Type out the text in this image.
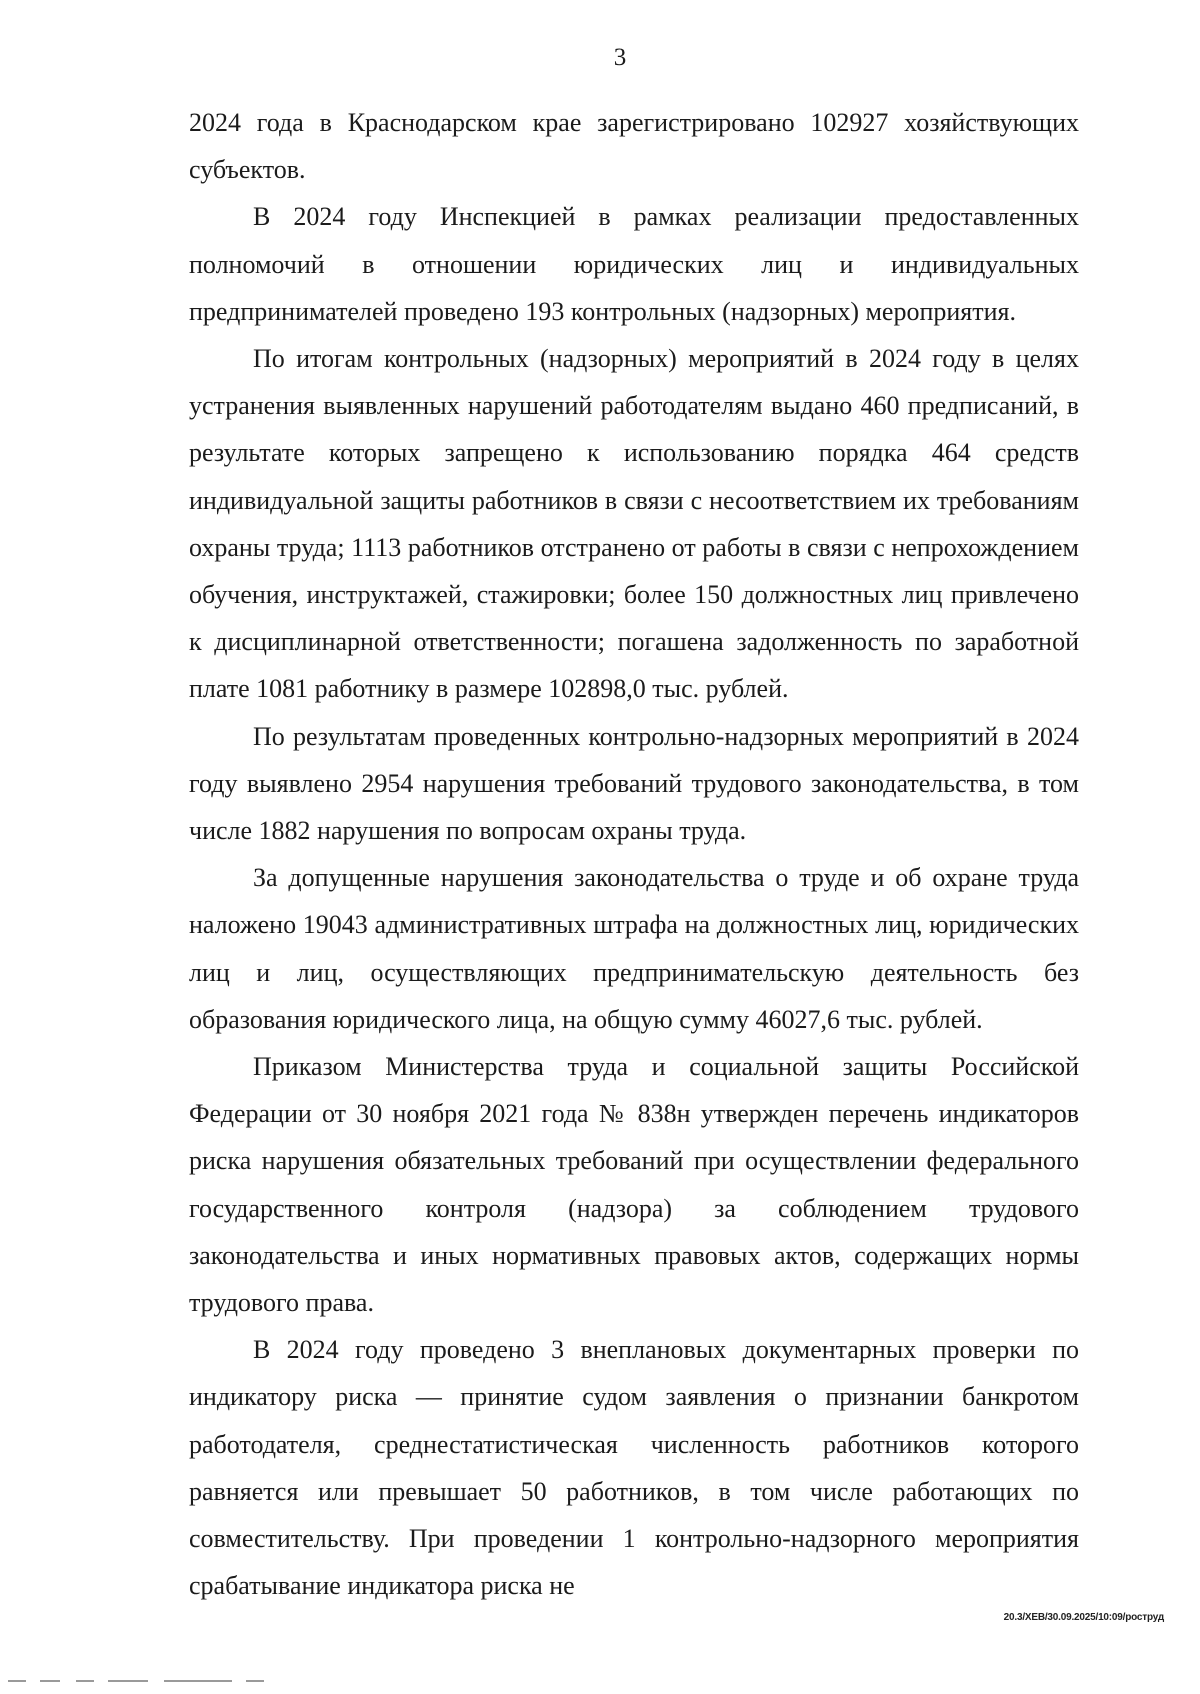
3

2024 года в Краснодарском крае зарегистрировано 102927 хозяйствующих субъектов.

В 2024 году Инспекцией в рамках реализации предоставленных полномочий в отношении юридических лиц и индивидуальных предпринимателей проведено 193 контрольных (надзорных) мероприятия.

По итогам контрольных (надзорных) мероприятий в 2024 году в целях устранения выявленных нарушений работодателям выдано 460 предписаний, в результате которых запрещено к использованию порядка 464 средств индивидуальной защиты работников в связи с несоответствием их требованиям охраны труда; 1113 работников отстранено от работы в связи с непрохождением обучения, инструктажей, стажировки; более 150 должностных лиц привлечено к дисциплинарной ответственности; погашена задолженность по заработной плате 1081 работнику в размере 102898,0 тыс. рублей.

По результатам проведенных контрольно-надзорных мероприятий в 2024 году выявлено 2954 нарушения требований трудового законодательства, в том числе 1882 нарушения по вопросам охраны труда.

За допущенные нарушения законодательства о труде и об охране труда наложено 19043 административных штрафа на должностных лиц, юридических лиц и лиц, осуществляющих предпринимательскую деятельность без образования юридического лица, на общую сумму 46027,6 тыс. рублей.

Приказом Министерства труда и социальной защиты Российской Федерации от 30 ноября 2021 года № 838н утвержден перечень индикаторов риска нарушения обязательных требований при осуществлении федерального государственного контроля (надзора) за соблюдением трудового законодательства и иных нормативных правовых актов, содержащих нормы трудового права.

В 2024 году проведено 3 внеплановых документарных проверки по индикатору риска — принятие судом заявления о признании банкротом работодателя, среднестатистическая численность работников которого равняется или превышает 50 работников, в том числе работающих по совместительству. При проведении 1 контрольно-надзорного мероприятия срабатывание индикатора риска не

20.3/ХЕВ/30.09.2025/10:09/роструд
